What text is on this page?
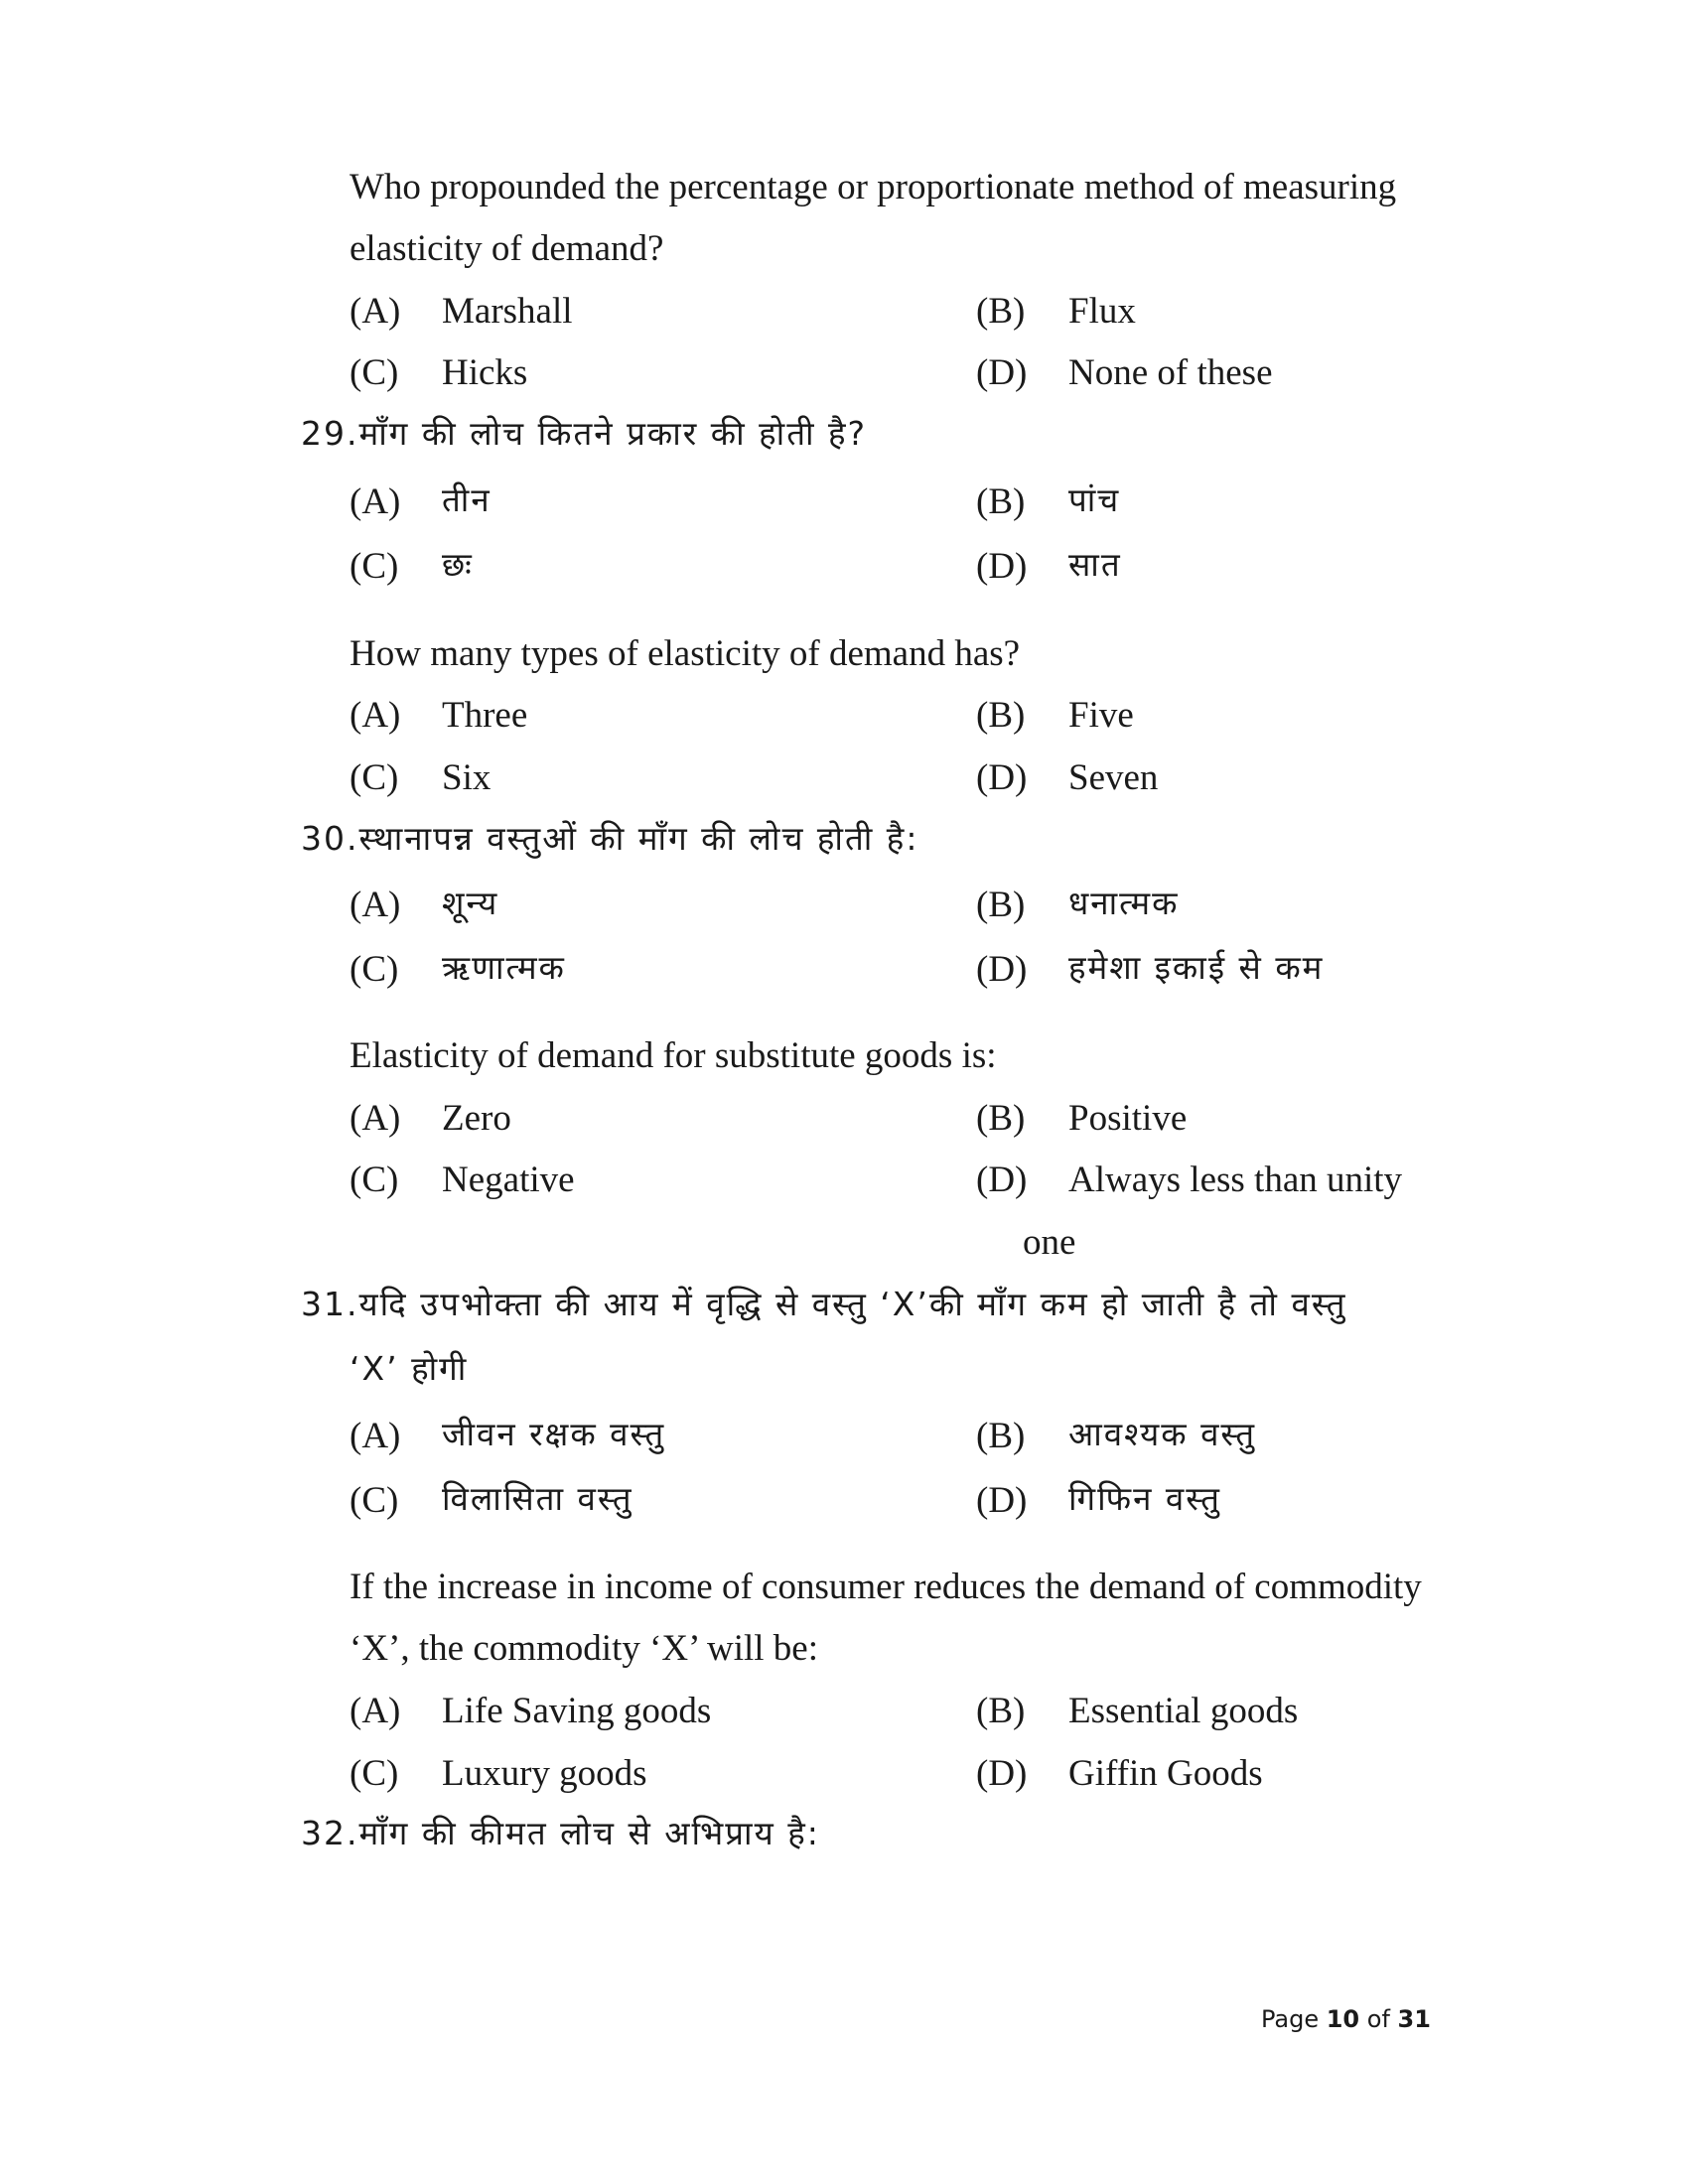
Who propounded the percentage or proportionate method of measuring
elasticity of demand?
(A) Marshall	(B) Flux
(C) Hicks	(D) None of these
29.माँग की लोच कितने प्रकार की होती है?
(A) तीन	(B) पांच
(C) छः	(D) सात
How many types of elasticity of demand has?
(A) Three	(B) Five
(C) Six	(D) Seven
30.स्थानापन्न वस्तुओं की माँग की लोच होती है:
(A) शून्य	(B) धनात्मक
(C) ऋणात्मक	(D) हमेशा इकाई से कम
Elasticity of demand for substitute goods is:
(A) Zero	(B) Positive
(C) Negative	(D) Always less than unity
one
31.यदि उपभोक्ता की आय में वृद्धि से वस्तु ‘X’की माँग कम हो जाती है तो वस्तु
‘X’ होगी
(A) जीवन रक्षक वस्तु	(B) आवश्यक वस्तु
(C) विलासिता वस्तु	(D) गिफिन वस्तु
If the increase in income of consumer reduces the demand of commodity
‘X’, the commodity ‘X’ will be:
(A) Life Saving goods	(B) Essential goods
(C) Luxury goods	(D) Giffin Goods
32.माँग की कीमत लोच से अभिप्राय है:
Page 10 of 31
